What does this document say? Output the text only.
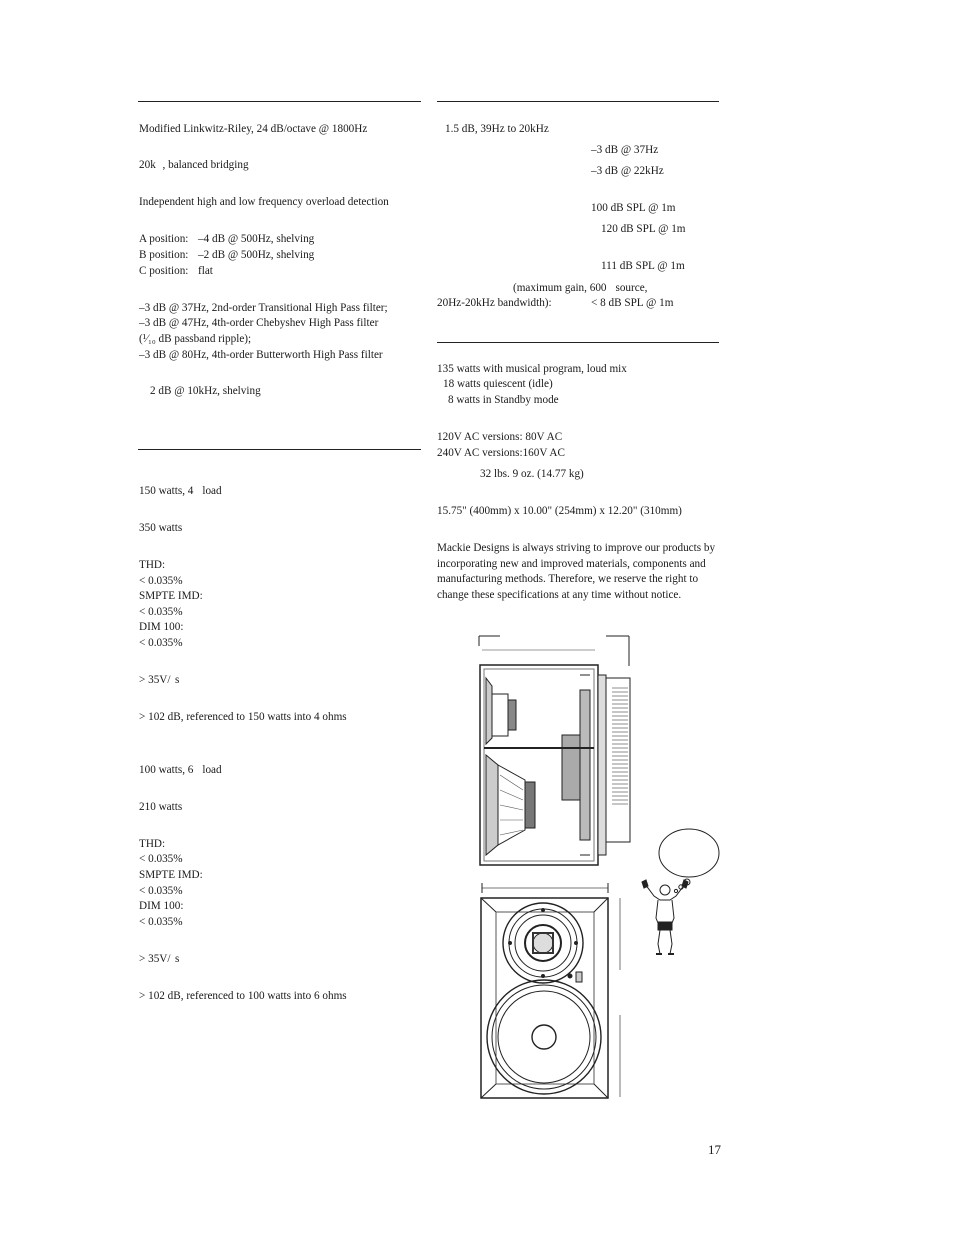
Modified Linkwitz-Riley, 24 dB/octave @ 1800Hz
20k   , balanced bridging
Independent high and low frequency overload detection
A position: –4 dB @ 500Hz, shelving
B position: –2 dB @ 500Hz, shelving
C position: flat
–3 dB @ 37Hz, 2nd-order Transitional High Pass filter;
–3 dB @ 47Hz, 4th-order Chebyshev High Pass filter
(¹⁄₁₀ dB passband ripple);
–3 dB @ 80Hz, 4th-order Butterworth High Pass filter
2 dB @ 10kHz, shelving
150 watts, 4    load
350 watts
THD:
< 0.035%
SMPTE IMD:
< 0.035%
DIM 100:
< 0.035%
> 35V/  s
> 102 dB, referenced to 150 watts into 4 ohms
100 watts, 6    load
210 watts
THD:
< 0.035%
SMPTE IMD:
< 0.035%
DIM 100:
< 0.035%
> 35V/  s
> 102 dB, referenced to 100 watts into 6 ohms
1.5 dB, 39Hz to 20kHz
–3 dB @ 37Hz
–3 dB @ 22kHz
100 dB SPL @ 1m
120 dB SPL @ 1m
111 dB SPL @ 1m
(maximum gain, 600    source,
20Hz-20kHz bandwidth):	< 8 dB SPL @ 1m
135 watts with musical program, loud mix
18 watts quiescent (idle)
8 watts in Standby mode
120V AC versions: 80V AC
240V AC versions:160V AC
32 lbs. 9 oz. (14.77 kg)
15.75" (400mm) x 10.00" (254mm) x 12.20" (310mm)
Mackie Designs is always striving to improve our products by incorporating new and improved materials, components and manufacturing methods. Therefore, we reserve the right to change these specifications at any time without notice.
17
